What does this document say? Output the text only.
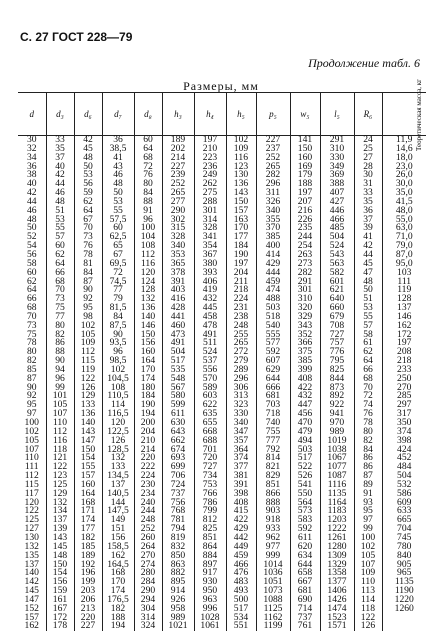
С. 27 ГОСТ 228—79
Продолжение табл. 6
Размеры, мм
d	d₃	d₆	d₇	d₈	h₃	h₄	h₅	p₅	w₅	l₅	R₆	Теоретическая масса, кг
30	33	42	36	60	189	197	102	227	141	291	24	11,9
32	35	45	38,5	64	202	210	109	237	150	310	25	14,6
34	37	48	41	68	214	223	116	252	160	330	27	18,0
36	40	50	43	72	227	236	123	265	169	349	28	23,0
38	42	53	46	76	239	249	130	282	179	369	30	26,0
40	44	56	48	80	252	262	136	296	188	388	31	30,0
42	46	59	50	84	265	275	143	311	197	407	33	35,0
44	48	62	53	88	277	288	150	326	207	427	35	41,5
46	51	64	55	91	290	301	157	340	216	446	36	48,0
48	53	67	57,5	96	302	314	163	355	226	466	37	55,0
50	55	70	60	100	315	328	170	370	235	485	39	63,0
52	57	73	62,5	104	328	341	177	385	244	504	41	71,0
54	60	76	65	108	340	354	184	400	254	524	42	79,0
56	62	78	67	112	353	367	190	414	263	543	44	87,0
58	64	81	69,5	116	365	380	197	429	273	563	45	95,0
60	66	84	72	120	378	393	204	444	282	582	47	103
62	68	87	74,5	124	391	406	211	459	291	601	48	111
64	70	90	77	128	403	419	218	474	301	621	50	119
66	73	92	79	132	416	432	224	488	310	640	51	128
68	75	95	81,5	136	428	445	231	503	320	660	53	137
70	77	98	84	140	441	458	238	518	329	679	55	146
73	80	102	87,5	146	460	478	248	540	343	708	57	162
75	82	105	90	150	473	491	255	555	352	727	58	172
78	86	109	93,5	156	491	511	265	577	366	757	61	197
80	88	112	96	160	504	524	272	592	375	776	62	208
82	90	115	98,5	164	517	537	279	607	385	795	64	218
85	94	119	102	170	535	556	289	629	399	825	66	233
87	96	122	104,5	174	548	570	296	644	408	844	68	250
90	99	126	108	180	567	589	306	666	422	873	70	270
92	101	129	110,5	184	580	603	313	681	432	892	72	285
95	105	133	114	190	599	622	323	703	447	922	74	297
97	107	136	116,5	194	611	635	330	718	456	941	76	317
100	110	140	120	200	630	655	340	740	470	970	78	350
102	112	143	122,5	204	643	668	347	755	479	989	80	374
105	116	147	126	210	662	688	357	777	494	1019	82	398
107	118	150	128,5	214	674	701	364	792	503	1038	84	424
110	121	154	132	220	693	720	374	814	517	1067	86	452
111	122	155	133	222	699	727	377	821	522	1077	86	484
112	123	157	134,5	224	706	734	381	829	526	1087	87	504
115	125	160	137	230	724	753	391	851	541	1116	89	532
117	129	164	140,5	234	737	766	398	866	550	1135	91	586
120	132	168	144	240	756	786	408	888	564	1164	93	609
122	134	171	147,5	244	768	799	415	903	573	1183	95	633
125	137	174	149	248	781	812	422	918	583	1203	97	665
127	139	177	151	252	794	825	429	933	592	1222	99	704
130	143	182	156	260	819	851	442	962	611	1261	100	745
132	145	185	158,5	264	832	864	449	977	620	1280	102	780
135	148	189	162	270	850	884	459	999	634	1309	105	840
137	150	192	164,5	274	863	897	466	1014	644	1329	107	905
140	154	196	168	280	882	917	476	1036	658	1358	109	965
142	156	199	170	284	895	930	483	1051	667	1377	110	1135
145	159	203	174	290	914	950	493	1073	681	1406	113	1190
147	161	206	176,5	294	926	963	500	1088	690	1426	114	1220
152	167	213	182	304	958	996	517	1125	714	1474	118	1260
157	172	220	188	314	989	1028	534	1162	737	1523	122	
162	178	227	194	324	1021	1061	551	1199	761	1571	126	
